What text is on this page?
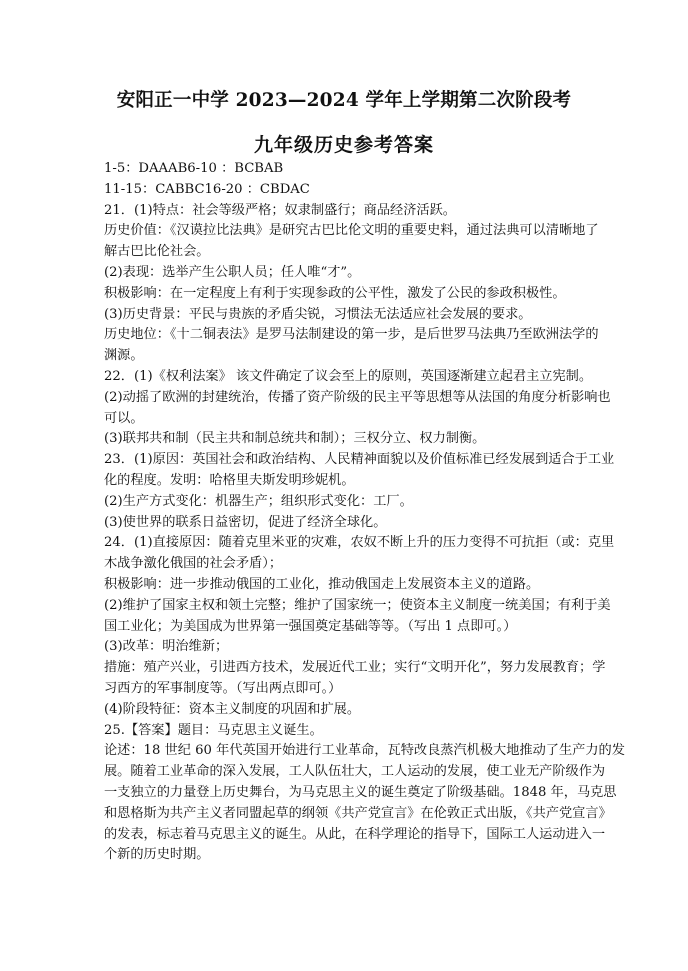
安阳正一中学 2023—2024 学年上学期第二次阶段考
九年级历史参考答案
1-5：DAAAB6-10 ：BCBAB
11-15：CABBC16-20 ：CBDAC
21．(1)特点：社会等级严格；奴隶制盛行；商品经济活跃。
历史价值：《汉谟拉比法典》是研究古巴比伦文明的重要史料，通过法典可以清晰地了
解古巴比伦社会。
(2)表现：选举产生公职人员；任人唯“才”。
积极影响：在一定程度上有利于实现参政的公平性，激发了公民的参政积极性。
(3)历史背景：平民与贵族的矛盾尖锐，习惯法无法适应社会发展的要求。
历史地位：《十二铜表法》是罗马法制建设的第一步，是后世罗马法典乃至欧洲法学的
渊源。
22．(1)《权利法案》 该文件确定了议会至上的原则，英国逐渐建立起君主立宪制。
(2)动摇了欧洲的封建统治，传播了资产阶级的民主平等思想等从法国的角度分析影响也
可以。
(3)联邦共和制（民主共和制总统共和制）；三权分立、权力制衡。
23．(1)原因：英国社会和政治结构、人民精神面貌以及价值标准已经发展到适合于工业
化的程度。发明：哈格里夫斯发明珍妮机。
(2)生产方式变化：机器生产；组织形式变化：工厂。
(3)使世界的联系日益密切，促进了经济全球化。
24．(1)直接原因：随着克里米亚的灾难，农奴不断上升的压力变得不可抗拒（或：克里
木战争激化俄国的社会矛盾）；
积极影响：进一步推动俄国的工业化，推动俄国走上发展资本主义的道路。
(2)维护了国家主权和领土完整；维护了国家统一；使资本主义制度一统美国；有利于美
国工业化；为美国成为世界第一强国奠定基础等等。（写出 1 点即可。）
(3)改革：明治维新；
措施：殖产兴业，引进西方技术，发展近代工业；实行“文明开化”，努力发展教育；学
习西方的军事制度等。（写出两点即可。）
(4)阶段特征：资本主义制度的巩固和扩展。
25.【答案】题目：马克思主义诞生。
论述：18 世纪 60 年代英国开始进行工业革命，瓦特改良蒸汽机极大地推动了生产力的发
展。随着工业革命的深入发展，工人队伍壮大，工人运动的发展，使工业无产阶级作为
一支独立的力量登上历史舞台，为马克思主义的诞生奠定了阶级基础。1848 年，马克思
和恩格斯为共产主义者同盟起草的纲领《共产党宣言》在伦敦正式出版，《共产党宣言》
的发表，标志着马克思主义的诞生。从此，在科学理论的指导下，国际工人运动进入一
个新的历史时期。
